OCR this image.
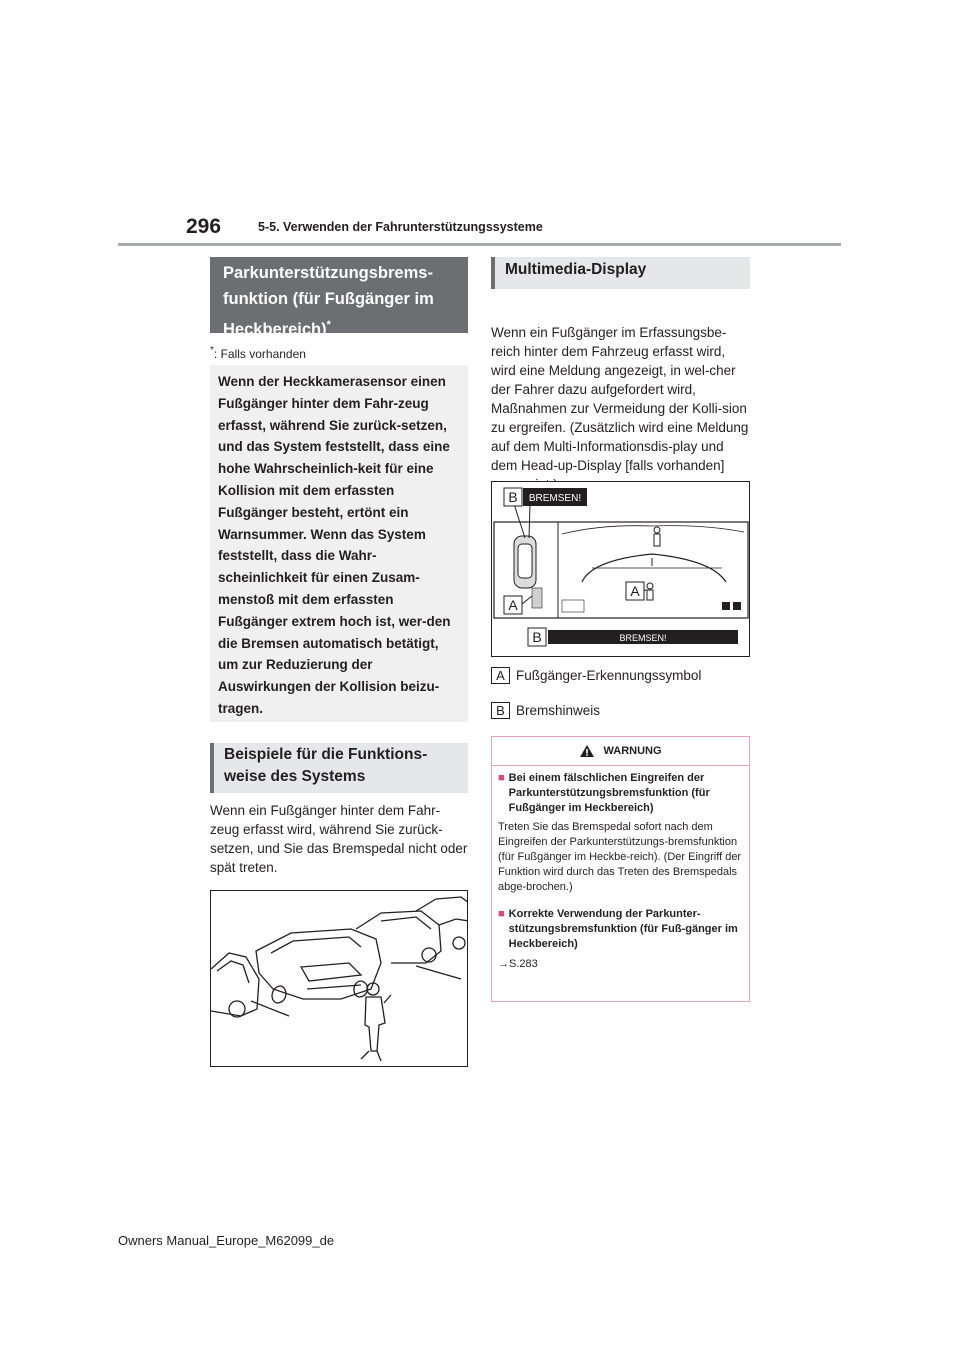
296	5-5. Verwenden der Fahrunterstützungssysteme
Parkunterstützungsbrems-funktion (für Fußgänger im Heckbereich)*
*: Falls vorhanden
Wenn der Heckkamerasensor einen Fußgänger hinter dem Fahr-zeug erfasst, während Sie zurück-setzen, und das System feststellt, dass eine hohe Wahrscheinlich-keit für eine Kollision mit dem erfassten Fußgänger besteht, ertönt ein Warnsummer. Wenn das System feststellt, dass die Wahr-scheinlichkeit für einen Zusam-menstoß mit dem erfassten Fußgänger extrem hoch ist, wer-den die Bremsen automatisch betätigt, um zur Reduzierung der Auswirkungen der Kollision beizu-tragen.
Beispiele für die Funktions-weise des Systems
Wenn ein Fußgänger hinter dem Fahr-zeug erfasst wird, während Sie zurück-setzen, und Sie das Bremspedal nicht oder spät treten.
Multimedia-Display
Wenn ein Fußgänger im Erfassungsbe-reich hinter dem Fahrzeug erfasst wird, wird eine Meldung angezeigt, in wel-cher der Fahrer dazu aufgefordert wird, Maßnahmen zur Vermeidung der Kolli-sion zu ergreifen. (Zusätzlich wird eine Meldung auf dem Multi-Informationsdis-play und dem Head-up-Display [falls vorhanden]
BREMSEN!
BREMSEN!
B
A
A
B
A Fußgänger-Erkennungssymbol
B Bremshinweis
WARNUNG
■ Bei einem fälschlichen Eingreifen der Parkunterstützungsbremsfunktion (für Fußgänger im Heckbereich)
Treten Sie das Bremspedal sofort nach dem Eingreifen der Parkunterstützungs-bremsfunktion (für Fußgänger im Heckbe-reich). (Der Eingriff der Funktion wird durch das Treten des Bremspedals abge-brochen.)
■ Korrekte Verwendung der Parkunter-stützungsbremsfunktion (für Fuß-gänger im Heckbereich)
→S.283
Owners Manual_Europe_M62099_de
